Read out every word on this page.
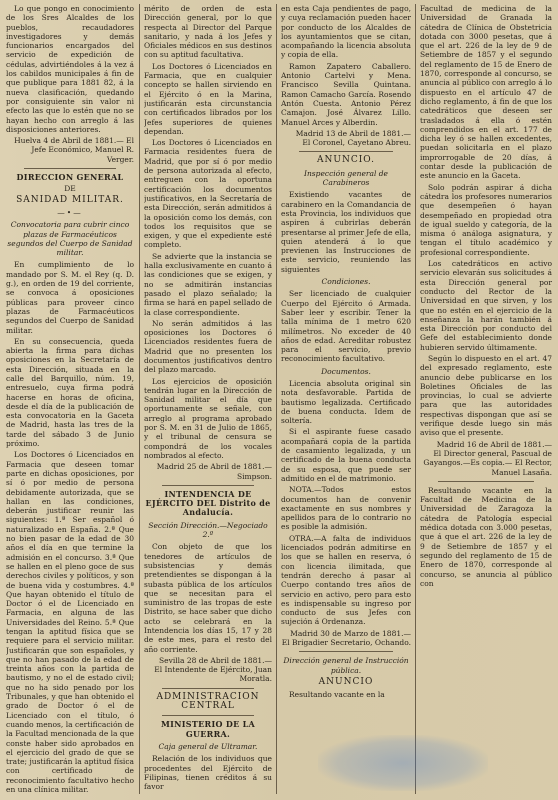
Lo que pongo en conocimiento de los Sres Alcaldes de los pueblos, recaudadores investigadores y demás funcionarios encargados del servicio de expedición de cédulas, advirtiéndoles á la vez á los cabildos municipales á fin de que publique para 1881 82, á la nueva clasificación, quedando por consiguiente sin valor ni efecto las que lo estén que no se hayan hecho con arreglo á las disposiciones anteriores.

Huelva 4 de Abril de 1881.— El Jefe Económico, Manuel R. Verger.

DIRECCION GENERAL
DE
SANIDAD MILITAR.
—•—
Convocatoria para cubrir cinco plazas de Farmacéuticos segundos del Cuerpo de Sanidad militar.

En cumplimiento de lo mandado por S. M. el Rey (q. D. g.), en orden de 19 del corriente, se convoca á oposiciones públicas para proveer cinco plazas de Farmacéuticos segundos del Cuerpo de Sanidad militar.

En su consecuencia, queda abierta la firma para dichas oposiciones en la Secretaría de esta Dirección, situada en la calle del Barquillo, núm. 19, entresuelo, cuya firma podrá hacerse en horas de oficina, desde el día de la publicación de esta convocatoria en la Gaceta de Madrid, hasta las tres de la tarde del sábado 3 de Junio próximo.

Los Doctores ó Licenciados en Farmacia que deseen tomar parte en dichas oposiciones, por sí ó por medio de persona debidamente autorizada, que se hallan en las condiciones, deberán justificar reunir las siguientes: 1.ª Ser español ó naturalizado en España. 2.ª Que no bien pasar de la edad de 30 años el día en que termine la admisión en el concurso. 3.ª Que se hallen en el pleno goce de sus derechos civiles y políticos, y son de buena vida y costumbres. 4.ª Que hayan obtenido el título de Doctor ó el de Licenciado en Farmacia, en alguna de las Universidades del Reino. 5.ª Que tengan la aptitud física que se requiere para el servicio militar. Justificarán que son españoles, y que no han pasado de la edad de treinta años con la partida de bautismo, y no el de estado civil; que no ha sido penado por los Tribunales, y que han obtenido el grado de Doctor ó el de Licenciado con el título, ó cuando menos, la certificación de la Facultad mencionada de la que conste haber sido aprobados en el ejercicio del grado de que se trate; justificarán la aptitud física con certificado de reconocimiento facultativo hecho en una clínica militar.

mérito de orden de esta Dirección general, por lo que respecta al Director del Parque sanitario, y nada á los Jefes y Oficiales médicos en sus destinos con su aptitud facultativa.

Los Doctores ó Licenciados en Farmacia, que en cualquier concepto se hallen sirviendo en el Ejército ó en la Marina, justificarán esta circunstancia con certificados librados por los Jefes superiores de quienes dependan.

Los Doctores ó Licenciados en Farmacia residentes fuera de Madrid, que por sí ó por medio de persona autorizada al efecto, entreguen con la oportuna certificación los documentos justificativos, en la Secretaría de esta Dirección, serán admitidos á la oposición como los demás, con todos los requisitos que se exigen, y que el expediente esté completo.

Se advierte que la instancia se halla exclusivamente en cuanto á las condiciones que se exigen, y no se admitirán instancias pasado el plazo señalado; la firma se hará en papel sellado de la clase correspondiente.

No serán admitidos á las oposiciones los Doctores ó Licenciados residentes fuera de Madrid que no presenten los documentos justificativos dentro del plazo marcado.

Los ejercicios de oposición tendrán lugar en la Dirección de Sanidad militar el día que oportunamente se señale, con arreglo al programa aprobado por S. M. en 31 de Julio de 1865, y el tribunal de censura se compondrá de los vocales nombrados al efecto.

Madrid 25 de Abril de 1881.—Simpson.

INTENDENCIA DE EJÉRCITO DEL Distrito de Andalucía.
Sección Dirección.—Negociado 2.º

Con objeto de que los tenedores de artículos de subsistencias y demás pretendientes se dispongan á la subasta pública de los artículos que se necesitan para el suministro de las tropas de este Distrito, se hace saber que dicho acto se celebrará en la Intendencia los días 15, 17 y 28 de este mes, para el resto del año corriente.

Sevilla 28 de Abril de 1881.— El Intendente de Ejército, Juan Moratla.

ADMINISTRACION CENTRAL
MINISTERIO DE LA GUERRA.
Caja general de Ultramar.

Relación de los individuos que procedentes del Ejército de Filipinas, tienen créditos á su favor

en esta Caja pendientes de pago, y cuya reclamación pueden hacer por conducto de los Alcaldes de los ayuntamientos que se citan, acompañando la licencia absoluta y copia de ella.

Ramon Zapatero Caballero. Antonio Cartelvi y Mena. Francisco Sevilla Quintana. Ramon Camacho García. Rosendo Antón Cuesta. Antonio Pérez Camajon. José Álvarez Lillo. Manuel Arces y Alberdin.

Madrid 13 de Abril de 1881.— El Coronel, Cayetano Abreu.

ANUNCIO.
Inspección general de Carabineros

Existiendo vacantes de carabinero en la Comandancia de esta Provincia, los individuos que aspiren á cubrirlas deberán presentarse al primer Jefe de ella, quien atenderá á lo que previenen las Instrucciones de este servicio, reuniendo las siguientes

Condiciones.

Ser licenciado de cualquier Cuerpo del Ejército ó Armada. Saber leer y escribir. Tener la talla mínima de 1 metro 620 milímetros. No exceder de 40 años de edad. Acreditar robustez para el servicio, previo reconocimiento facultativo.

Documentos.

Licencia absoluta original sin nota desfavorable. Partida de bautismo legalizada. Certificado de buena conducta. Idem de soltería.

Si el aspirante fuese casado acompañará copia de la partida de casamiento legalizada, y un certificado de la buena conducta de su esposa, que puede ser admitido en el de matrimonio.

NOTA.—Todos estos documentos han de convenir exactamente en sus nombres y apellidos para de lo contrario no es posible la admisión.

OTRA.—A falta de individuos licenciados podrán admitirse en los que se hallen en reserva, ó con licencia ilimitada, que tendrán derecho á pasar al Cuerpo contando tres años de servicio en activo, pero para esto es indispensable su ingreso por conducto de sus Jefes con sujeción á Ordenanza.

Madrid 30 de Marzo de 1881.— El Brigadier Secretario, Ochando.

Dirección general de Instrucción pública.
ANUNCIO

Resultando vacante en la

Facultad de medicina de la Universidad de Granada la cátedra de Clínica de Obstetricia dotada con 3000 pesetas, que á que el art. 226 de la ley de 9 de Setiembre de 1857 y el segundo del reglamento de 15 de Enero de 1870, corresponde al concurso, se anuncia al público con arreglo á lo dispuesto en el artículo 47 de dicho reglamento, á fin de que los catedráticos que deseen ser trasladados á ella ó estén comprendidos en el art. 177 de dicha ley ó se hallen excedentes, puedan solicitarla en el plazo improrrogable de 20 días, á contar desde la publicación de este anuncio en la Gaceta.

Solo podrán aspirar á dicha cátedra los profesores numerarios que desempeñen ó hayan desempeñado en propiedad otra de igual sueldo y categoría, de la misma ó análoga asignatura, y tengan el título académico y profesional correspondiente.

Los catedráticos en activo servicio elevarán sus solicitudes á esta Dirección general por conducto del Rector de la Universidad en que sirven, y los que no estén en el ejercicio de la enseñanza la harán también á esta Dirección por conducto del Gefe del establecimiento donde hubieren servido últimamente.

Según lo dispuesto en el art. 47 del expresado reglamento, este anuncio debe publicarse en los Boletines Oficiales de las provincias, lo cual se advierte para que las autoridades respectivas dispongan que así se verifique desde luego sin más aviso que el presente.

Madrid 16 de Abril de 1881.— El Director general, Pascual de Gayangos.—Es copia.— El Rector, Manuel Lasaña.

Resultando vacante en la Facultad de Medicina de la Universidad de Zaragoza la cátedra de Patología especial médica dotada con 3.000 pesetas, que á que el art. 226 de la ley de 9 de Setiembre de 1857 y el segundo del reglamento de 15 de Enero de 1870, corresponde al concurso, se anuncia al público con
